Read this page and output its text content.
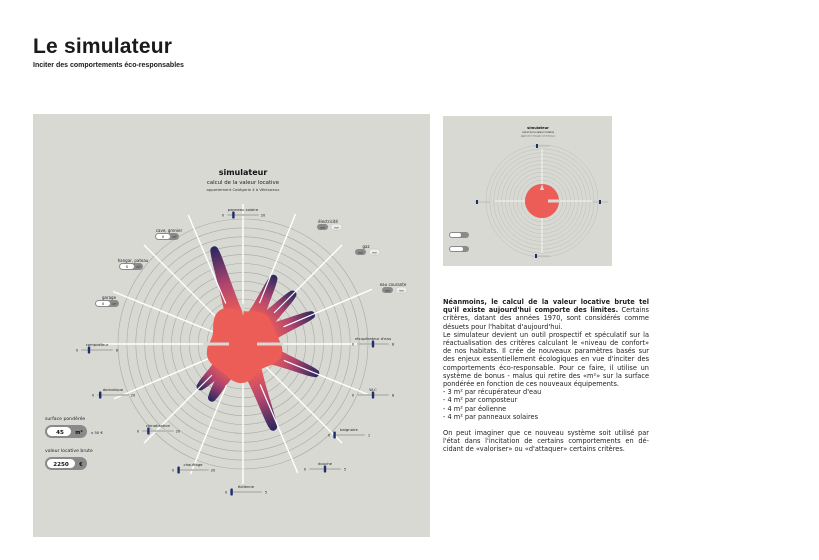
Le simulateur
Inciter des comportements éco-responsables
simulateur
calcul de la valeur locative
appartement Catégorie 4 à Vénissieux
panneau solaire
0	20
récupérateur d'eau
0	8
W-C
0	8
baignoire
0	1
douche
0	5
éolienne
0	5
chauffage
0	20
climatisation
0	20
domotique
0	20
composteur
0	8
cave, grenier
0	m²
hangar, pateau
0	m²
garage
0	m²
électricité
oui	non
gaz
oui	non
eau courante
oui	non
surface pondérée
45 m² x 50 €
valeur locative brute
2250 €
simulateur
calcul de la valeur locative
appartement Catégorie 4 à Vénissieux

Néanmoins, le calcul de la valeur locative brute tel qu'il existe aujourd'hui comporte des limites. Certains critères, datant des années 1970, sont considérés comme désuets pour l'habitat d'aujourd'hui.

Le simulateur devient un outil prospectif et spéculatif sur la réactualisation des critères calculant le «niveau de confort» de nos habitats. Il crée de nouveaux paramètres basés sur des enjeux essentiellement écologiques en vue d'inciter des comportements éco-responsable. Pour ce faire, il utilise un système de bonus - malus qui retire des «m²» sur la surface pondérée en fonction de ces nouveaux équipements.

- 3 m² par récupérateur d'eau

- 4 m² par composteur

- 4 m² par éolienne

- 4 m² par panneaux solaires

On peut imaginer que ce nouveau système soit utilisé par l'état dans l'incitation de certains comportements en dé-cidant de «valoriser» ou «d'attaquer» certains critères.
